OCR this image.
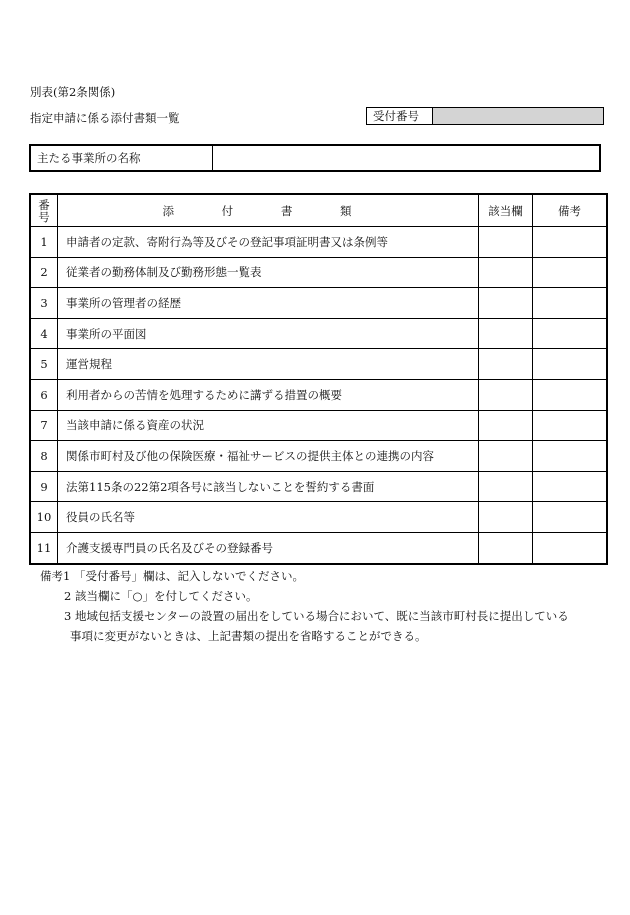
別表(第2条関係)
指定申請に係る添付書類一覧	受付番号
主たる事業所の名称
番
号	添 付 書 類	該当欄	備考
1	申請者の定款、寄附行為等及びその登記事項証明書又は条例等		
2	従業者の勤務体制及び勤務形態一覧表		
3	事業所の管理者の経歴		
4	事業所の平面図		
5	運営規程		
6	利用者からの苦情を処理するために講ずる措置の概要		
7	当該申請に係る資産の状況		
8	関係市町村及び他の保険医療・福祉サービスの提供主体との連携の内容		
9	法第115条の22第2項各号に該当しないことを誓約する書面		
10	役員の氏名等		
11	介護支援専門員の氏名及びその登録番号		
備考1 「受付番号」欄は、記入しないでください。
2 該当欄に「○」を付してください。
3 地域包括支援センターの設置の届出をしている場合において、既に当該市町村長に提出している
事項に変更がないときは、上記書類の提出を省略することができる。
